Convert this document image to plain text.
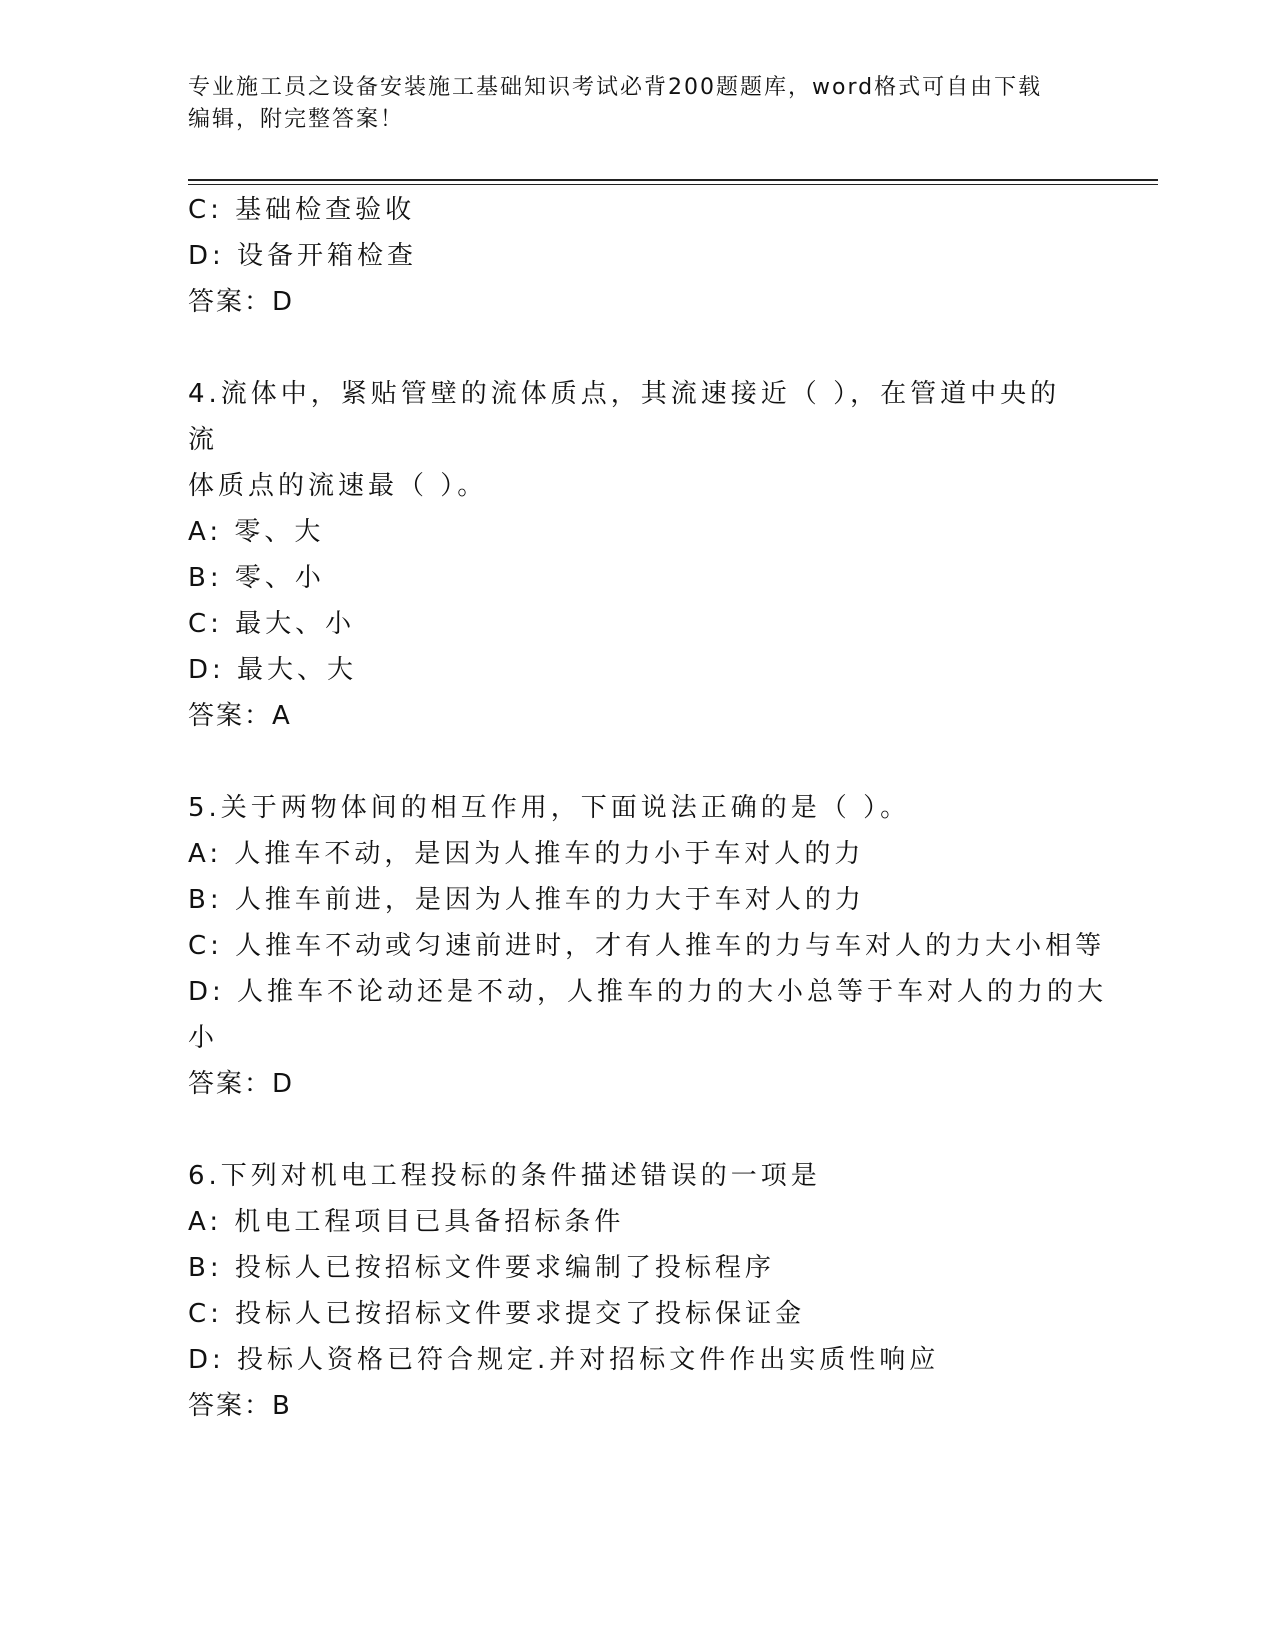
专业施工员之设备安装施工基础知识考试必背200题题库，word格式可自由下载
编辑，附完整答案！
C: 基础检查验收
D: 设备开箱检查
答案：D
4.流体中，紧贴管壁的流体质点，其流速接近（ ），在管道中央的流
体质点的流速最（ ）。
A: 零、大
B: 零、小
C: 最大、小
D: 最大、大
答案：A
5.关于两物体间的相互作用，下面说法正确的是（ ）。
A: 人推车不动，是因为人推车的力小于车对人的力
B: 人推车前进，是因为人推车的力大于车对人的力
C: 人推车不动或匀速前进时，才有人推车的力与车对人的力大小相等
D: 人推车不论动还是不动，人推车的力的大小总等于车对人的力的大
小
答案：D
6.下列对机电工程投标的条件描述错误的一项是
A: 机电工程项目已具备招标条件
B: 投标人已按招标文件要求编制了投标程序
C: 投标人已按招标文件要求提交了投标保证金
D: 投标人资格已符合规定.并对招标文件作出实质性响应
答案：B
